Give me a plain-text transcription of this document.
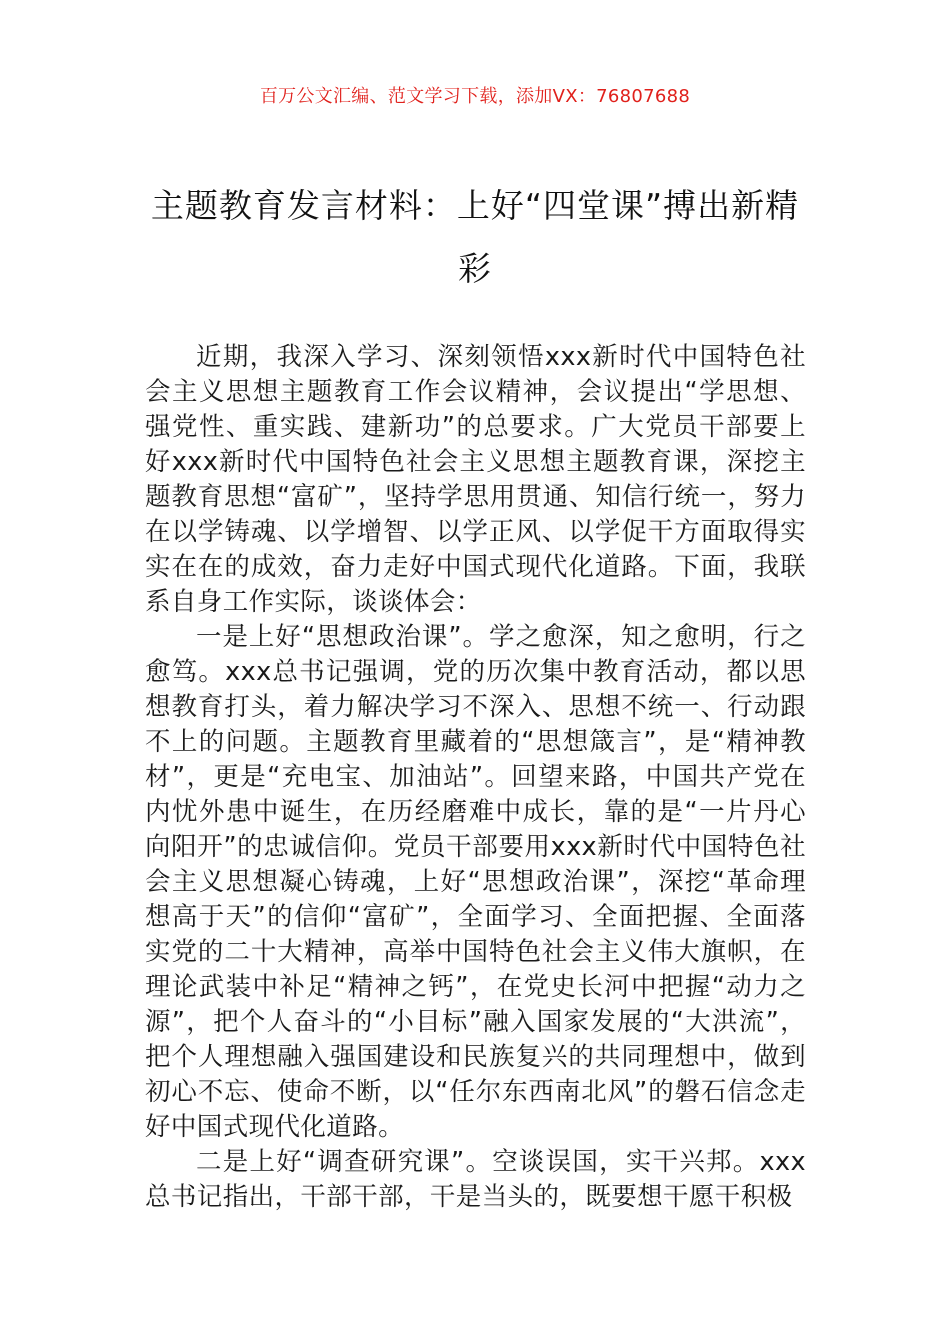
百万公文汇编、范文学习下载，添加VX：76807688
主题教育发言材料：上好“四堂课”搏出新精彩

近期，我深入学习、深刻领悟xxx新时代中国特色社会主义思想主题教育工作会议精神，会议提出“学思想、强党性、重实践、建新功”的总要求。广大党员干部要上好xxx新时代中国特色社会主义思想主题教育课，深挖主题教育思想“富矿”，坚持学思用贯通、知信行统一，努力在以学铸魂、以学增智、以学正风、以学促干方面取得实实在在的成效，奋力走好中国式现代化道路。下面，我联系自身工作实际，谈谈体会：

一是上好“思想政治课”。学之愈深，知之愈明，行之愈笃。xxx总书记强调，党的历次集中教育活动，都以思想教育打头，着力解决学习不深入、思想不统一、行动跟不上的问题。主题教育里藏着的“思想箴言”，是“精神教材”，更是“充电宝、加油站”。回望来路，中国共产党在内忧外患中诞生，在历经磨难中成长，靠的是“一片丹心向阳开”的忠诚信仰。党员干部要用xxx新时代中国特色社会主义思想凝心铸魂，上好“思想政治课”，深挖“革命理想高于天”的信仰“富矿”，全面学习、全面把握、全面落实党的二十大精神，高举中国特色社会主义伟大旗帜，在理论武装中补足“精神之钙”，在党史长河中把握“动力之源”，把个人奋斗的“小目标”融入国家发展的“大洪流”，把个人理想融入强国建设和民族复兴的共同理想中，做到初心不忘、使命不断，以“任尔东西南北风”的磐石信念走好中国式现代化道路。

二是上好“调查研究课”。空谈误国，实干兴邦。xxx总书记指出，干部干部，干是当头的，既要想干愿干积极
